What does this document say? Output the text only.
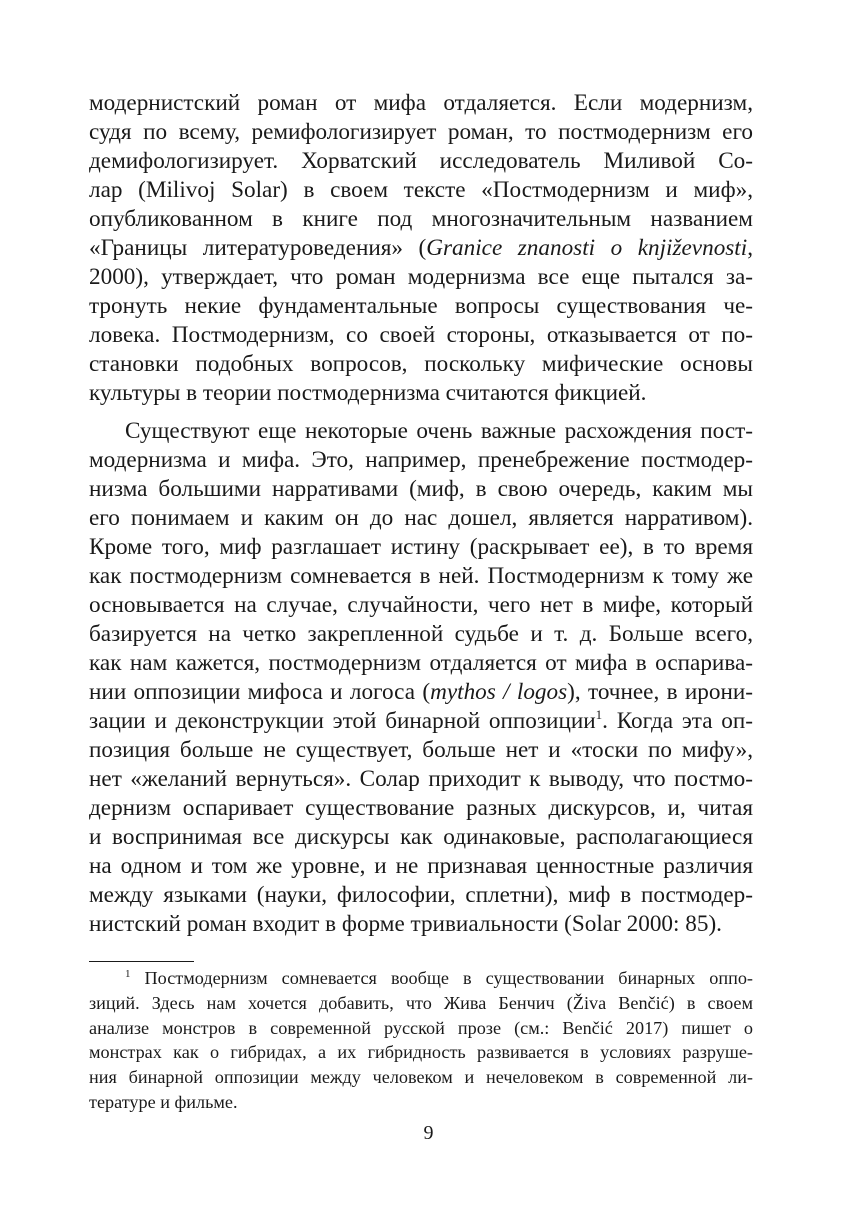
модернистский роман от мифа отдаляется. Если модернизм,
судя по всему, ремифологизирует роман, то постмодернизм его
демифологизирует. Хорватский исследователь Миливой Со-
лар (Milivoj Solar) в своем тексте «Постмодернизм и миф»,
опубликованном в книге под многозначительным названием
«Границы литературоведения» (Granice znanosti o književnosti,
2000), утверждает, что роман модернизма все еще пытался за-
тронуть некие фундаментальные вопросы существования че-
ловека. Постмодернизм, со своей стороны, отказывается от по-
становки подобных вопросов, поскольку мифические основы
культуры в теории постмодернизма считаются фикцией.
Существуют еще некоторые очень важные расхождения пост-
модернизма и мифа. Это, например, пренебрежение постмодер-
низма большими нарративами (миф, в свою очередь, каким мы
его понимаем и каким он до нас дошел, является нарративом).
Кроме того, миф разглашает истину (раскрывает ее), в то время
как постмодернизм сомневается в ней. Постмодернизм к тому же
основывается на случае, случайности, чего нет в мифе, который
базируется на четко закрепленной судьбе и т. д. Больше всего,
как нам кажется, постмодернизм отдаляется от мифа в оспарива-
нии оппозиции мифоса и логоса (mythos / logos), точнее, в ирони-
зации и деконструкции этой бинарной оппозиции$^1$. Когда эта оп-
позиция больше не существует, больше нет и «тоски по мифу»,
нет «желаний вернуться». Солар приходит к выводу, что постмо-
дернизм оспаривает существование разных дискурсов, и, читая
и воспринимая все дискурсы как одинаковые, располагающиеся
на одном и том же уровне, и не признавая ценностные различия
между языками (науки, философии, сплетни), миф в постмодер-
нистский роман входит в форме тривиальности (Solar 2000: 85).
$^1$ Постмодернизм сомневается вообще в существовании бинарных оппо-
зиций. Здесь нам хочется добавить, что Жива Бенчич (Živa Benčić) в своем
анализе монстров в современной русской прозе (см.: Benčić 2017) пишет о
монстрах как о гибридах, а их гибридность развивается в условиях разруше-
ния бинарной оппозиции между человеком и нечеловеком в современной ли-
тературе и фильме.
9
